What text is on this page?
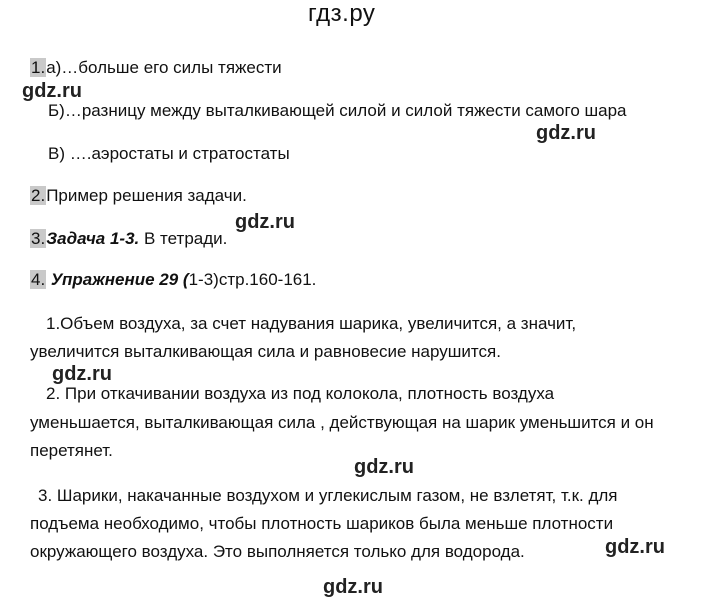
гдз.ру
1.а)…больше его силы тяжести
gdz.ru
Б)…разницу между выталкивающей силой и силой тяжести самого шара
gdz.ru
В) ….аэростаты и стратостаты
2.Пример решения задачи.
gdz.ru
3.Задача 1-3. В тетради.
4. Упражнение 29 (1-3)стр.160-161.
1.Объем воздуха, за счет надувания шарика, увеличится, а значит,
увеличится выталкивающая сила и равновесие нарушится.
gdz.ru
2. При откачивании воздуха из под колокола, плотность воздуха
уменьшается, выталкивающая сила , действующая на шарик уменьшится и он
перетянет.
gdz.ru
3. Шарики, накачанные воздухом и углекислым газом, не взлетят, т.к. для
подъема необходимо, чтобы плотность шариков была меньше плотности
окружающего воздуха. Это выполняется только для водорода.	gdz.ru
gdz.ru
